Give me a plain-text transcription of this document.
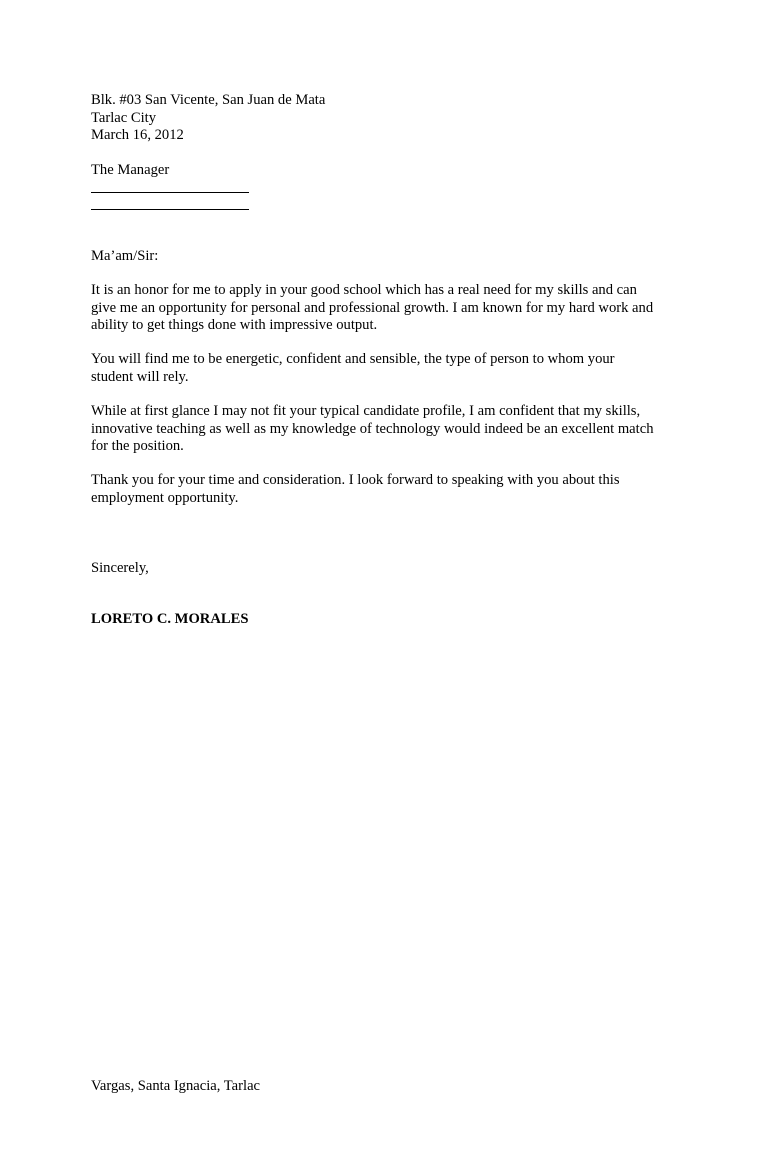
Blk. #03 San Vicente, San Juan de Mata
Tarlac City
March 16, 2012
The Manager
Ma’am/Sir:
It is an honor for me to apply in your good school which has a real need for my skills and can
give me an opportunity for personal and professional growth. I am known for my hard work and
ability to get things done with impressive output.
You will find me to be energetic, confident and sensible, the type of person to whom your
student will rely.
While at first glance I may not fit your typical candidate profile, I am confident that my skills,
innovative teaching as well as my knowledge of technology would indeed be an excellent match
for the position.
Thank you for your time and consideration. I look forward to speaking with you about this
employment opportunity.
Sincerely,
LORETO C. MORALES
Vargas, Santa Ignacia, Tarlac
